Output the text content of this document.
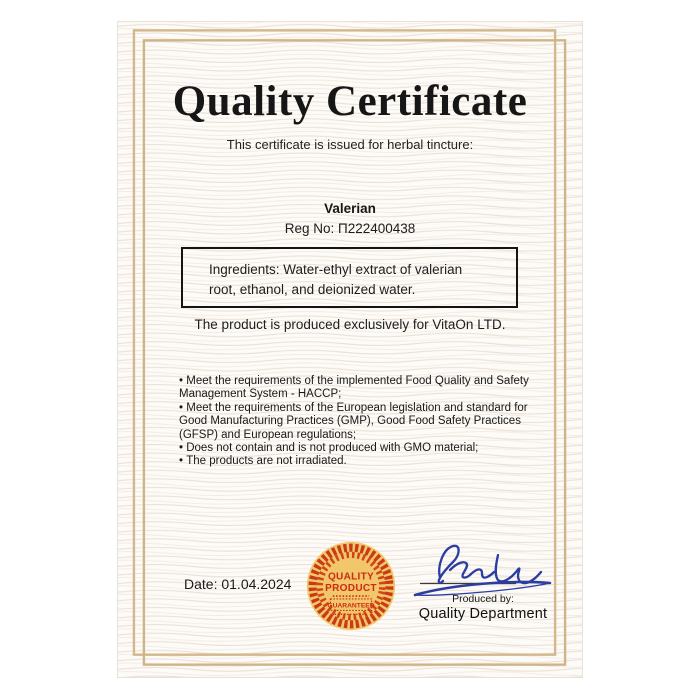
Quality Certificate
This certificate is issued for herbal tincture:
Valerian
Reg No: П222400438
Ingredients: Water-ethyl extract of valerian root, ethanol, and deionized water.
The product is produced exclusively for VitaOn LTD.
• Meet the requirements of the implemented Food Quality and Safety Management System - HACCP;
• Meet the requirements of the European legislation and standard for Good Manufacturing Practices (GMP), Good Food Safety Practices (GFSP) and European regulations;
• Does not contain and is not produced with GMO material;
• The products are not irradiated.
Date: 01.04.2024	QUALITY
PRODUCT
GUARANTEED
Produced by:
Quality Department
